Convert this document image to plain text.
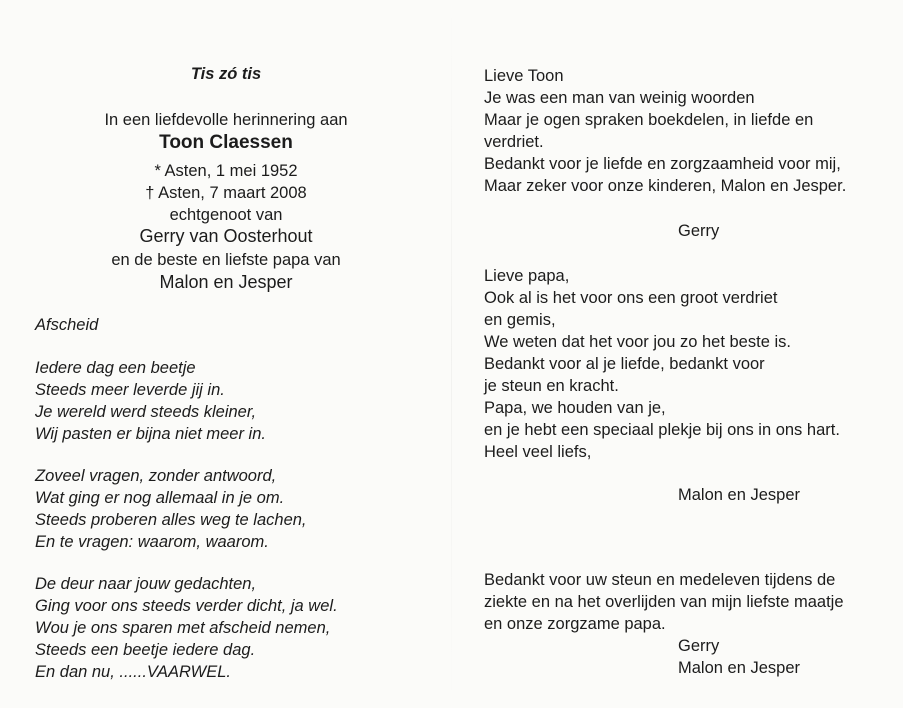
Tis zó tis
In een liefdevolle herinnering aan
Toon Claessen
* Asten, 1 mei 1952
† Asten, 7 maart 2008
echtgenoot van
Gerry van Oosterhout
en de beste en liefste papa van
Malon en Jesper
Afscheid
Iedere dag een beetje
Steeds meer leverde jij in.
Je wereld werd steeds kleiner,
Wij pasten er bijna niet meer in.
Zoveel vragen, zonder antwoord,
Wat ging er nog allemaal in je om.
Steeds proberen alles weg te lachen,
En te vragen: waarom, waarom.
De deur naar jouw gedachten,
Ging voor ons steeds verder dicht, ja wel.
Wou je ons sparen met afscheid nemen,
Steeds een beetje iedere dag.
En dan nu, ......VAARWEL.
Lieve Toon
Je was een man van weinig woorden
Maar je ogen spraken boekdelen, in liefde en
verdriet.
Bedankt voor je liefde en zorgzaamheid voor mij,
Maar zeker voor onze kinderen, Malon en Jesper.
Gerry
Lieve papa,
Ook al is het voor ons een groot verdriet
en gemis,
We weten dat het voor jou zo het beste is.
Bedankt voor al je liefde, bedankt voor
je steun en kracht.
Papa, we houden van je,
en je hebt een speciaal plekje bij ons in ons hart.
Heel veel liefs,
Malon en Jesper
Bedankt voor uw steun en medeleven tijdens de
ziekte en na het overlijden van mijn liefste maatje
en onze zorgzame papa.
Gerry
Malon en Jesper
